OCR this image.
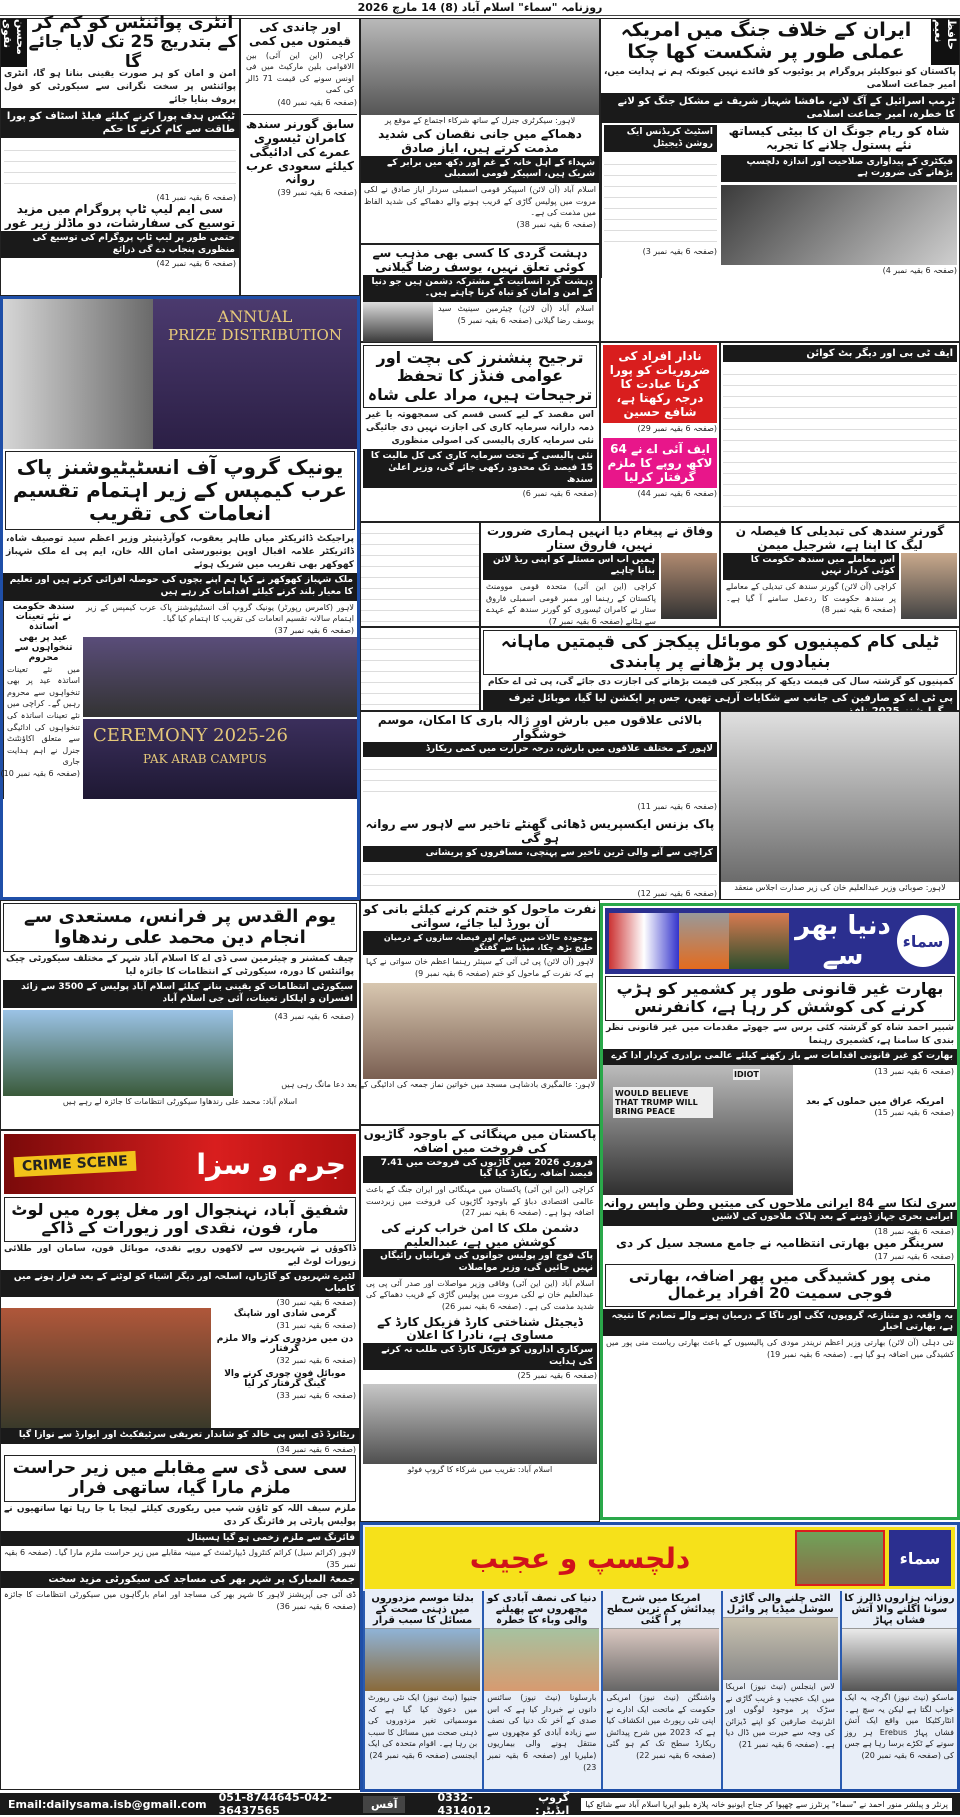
روزنامہ "سماء" اسلام آباد (8) 14 مارچ 2026
ایران کے خلاف جنگ میں امریکہ عملی طور پر شکست کھا چکا
حافظ نعیم
پاکستان کو نیوکلیئر پروگرام پر یوٹیوب کو فائدے نہیں کیونکہ ہم نے ہدایت میں، امیر جماعت اسلامی
ٹرمپ اسرائیل کے آگ لانے، مافشا شہباز شریف نے مشکل جنگ کو لانے کا خطرہ، امیر جماعت اسلامی
اسٹیٹ کریڈنس ایک روشن ڈیجیٹل
(صفحہ 6 بقیہ نمبر 3)
شاہ کو ریام جونگ ان کا بیٹی کیساتھ نئے پستول چلانے کا تجربہ
فیکٹری کے پیداواری صلاحیت اور اندازہ دلچسپ بڑھانے کی ضرورت ہے
(صفحہ 6 بقیہ نمبر 4)
محسن نقوی	انٹری پوائنٹس کو کم کر کے بتدریج 25 تک لایا جائے گا
امن و امان کو ہر صورت یقینی بنانا ہو گا، انٹری پوائنٹس پر سخت نگرانی سے سیکورٹی کو فول پروف بنایا جائے
ٹیکس ہدف پورا کرنے کیلئے فیلڈ اسٹاف کو پورا طاقت سے کام کرنے کا حکم
(صفحہ 6 بقیہ نمبر 41)
سی ایم لیپ ٹاپ پروگرام میں مزید توسیع کی سفارشات، دو ماڈلز زیر غور
حتمی طور پر لیپ ٹاپ پروگرام کی توسیع کی منظوری پنجاب دے گی ذرائع
(صفحہ 6 بقیہ نمبر 42)
اور چاندی کی قیمتوں میں کمی
کراچی (این این آئی) بین الاقوامی بلین مارکیٹ میں فی اونس سونے کی قیمت 71 ڈالر کی کمی
(صفحہ 6 بقیہ نمبر 40)
سابق گورنر سندھ کامران ٹیسوری عمرے کی ادائیگی کیلئے سعودی عرب روانہ
(صفحہ 6 بقیہ نمبر 39)
لاہور: سیکرٹری جنرل کے ساتھ شرکاء اجتماع کے موقع پر
دھماکے میں جانی نقصان کی شدید مذمت کرتے ہیں، ایاز صادق
شہداء کے اہل خانہ کے غم اور دکھ میں برابر کے شریک ہیں، اسپیکر قومی اسمبلی
اسلام آباد (آن لائن) اسپیکر قومی اسمبلی سردار ایاز صادق نے لکی مروت میں پولیس گاڑی کے قریب ہونے والے دھماکے کی شدید الفاظ میں مذمت کی ہے۔
(صفحہ 6 بقیہ نمبر 38)
دہشت گردی کا کسی بھی مذہب سے کوئی تعلق نہیں، یوسف رضا گیلانی
دہشت گرد انسانیت کے مشترکہ دشمن ہیں جو دنیا کے امن و امان کو تباہ کرنا چاہتے ہیں۔
اسلام آباد (آن لائن) چیئرمین سینیٹ سید یوسف رضا گیلانی (صفحہ 6 بقیہ نمبر 5)
ANNUAL
PRIZE DISTRIBUTION
یونیک گروپ آف انسٹیٹیوشنز پاک عرب کیمپس کے زیر اہتمام تقسیم انعامات کی تقریب
پراجیکٹ ڈائریکٹر میاں طاہر یعقوب، کوآرڈینیٹر وزیر اعظم سید توصیف شاہ، ڈائریکٹر علامہ اقبال اوپن یونیورسٹی امان اللہ خان، ایم پی اے ملک شہباز کھوکھر بھی تقریب میں شریک ہوئے
ملک شہباز کھوکھر نے کہا ہم اپنے بچوں کی حوصلہ افزائی کرتے ہیں اور تعلیم کا معیار بلند کرنے کیلئے اقدامات کر رہے ہیں
سندھ حکومت نے نئے تعینات اساتذہ
عید پر بھی تنخواہوں سے محروم
میں نئے تعینات اساتذہ عید پر بھی تنخواہوں سے محروم رہیں گے۔ کراچی میں نئے تعینات اساتذہ کی تنخواہوں کی ادائیگی سے متعلق اکاؤنٹنٹ جنرل نے اہم ہدایت جاری
(صفحہ 6 بقیہ نمبر 10)
لاہور (کامرس رپورٹر) یونیک گروپ آف انسٹیٹیوشنز پاک عرب کیمپس کے زیر اہتمام سالانہ تقسیم انعامات کی تقریب کا اہتمام کیا گیا۔
(صفحہ 6 بقیہ نمبر 37)
CEREMONY 2025-26
PAK ARAB CAMPUS
ترجیح پنشنرز کی بچت اور عوامی فنڈز کا تحفظ ترجیحات ہیں، مراد علی شاہ
اس مقصد کے لیے کسی قسم کی سمجھوتہ یا غیر ذمہ دارانہ سرمایہ کاری کی اجازت نہیں دی جائیگی نئی سرمایہ کاری پالیسی کی اصولی منظوری
نئی پالیسی کے تحت سرمایہ کاری کی کل مالیت کا 15 فیصد تک محدود رکھی جائے گی، وزیر اعلیٰ سندھ
(صفحہ 6 بقیہ نمبر 6)
نادار افراد کی ضروریات کو پورا کرنا عبادت کا درجہ رکھتا ہے، شافع حسین
(صفحہ 6 بقیہ نمبر 29)
ایف آئی اے نے 64 لاکھ روپے کا ملزم گرفتار کرلیا
(صفحہ 6 بقیہ نمبر 44)
ایف ٹی بی اور دیگر بٹ کوائن
گورنر سندھ کی تبدیلی کا فیصلہ ن لیگ کا اپنا ہے، شرجیل میمن
اس معاملے میں سندھ حکومت کا کوئی کردار نہیں
کراچی (آن لائن) گورنر سندھ کی تبدیلی کے معاملے پر سندھ حکومت کا ردعمل سامنے آ گیا ہے۔ (صفحہ 6 بقیہ نمبر 8)
وفاق نے پیغام دیا انہیں ہماری ضرورت نہیں، فاروق ستار
ہمیں اب اس مسئلے کو اپنی ریڈ لائن بنانا چاہیے
کراچی (این این آئی) متحدہ قومی موومنٹ پاکستان کے رہنما اور ممبر قومی اسمبلی فاروق ستار نے کامران ٹیسوری کو گورنر سندھ کے عہدے سے ہٹانے (صفحہ 6 بقیہ نمبر 7)
ٹیلی کام کمپنیوں کو موبائل پیکجز کی قیمتیں ماہانہ بنیادوں پر بڑھانے پر پابندی
کمپنیوں کو گزشتہ سال کی قیمت دیکھ کر پیکجز کی قیمت بڑھانے کی اجازت دی جائے گی، پی ٹی اے حکام
پی ٹی اے کو صارفین کی جانب سے شکایات آرہی تھیں، جس پر ایکشن لیا گیا، موبائل ٹیرف
بالائی علاقوں میں بارش اور ژالہ باری کا امکان، موسم خوشگوار
لاہور کے مختلف علاقوں میں بارش، درجہ حرارت میں کمی ریکارڈ
(صفحہ 6 بقیہ نمبر 11)
پاک بزنس ایکسپریس ڈھائی گھنٹے تاخیر سے لاہور سے روانہ ہو گی
کراچی سے آنے والی ٹرین تاخیر سے پہنچی، مسافروں کو پریشانی
(صفحہ 6 بقیہ نمبر 12)
لاہور: صوبائی وزیر عبدالعلیم خان کی زیر صدارت اجلاس منعقد
یوم القدس پر فرانس، مستعدی سے انجام دین محمد علی رندھاوا
چیف کمشنر و چیئرمین سی ڈی اے کا اسلام آباد شہر کے مختلف سیکورٹی چیک پوائنٹس کا دورہ، سیکورٹی کے انتظامات کا جائزہ لیا
سیکورٹی انتظامات کو یقینی بنانے کیلئے اسلام آباد پولیس کے 3500 سے زائد افسران و اہلکار تعینات، آئی جی اسلام آباد
(صفحہ 6 بقیہ نمبر 43)
اسلام آباد: محمد علی رندھاوا سیکورٹی انتظامات کا جائزہ لے رہے ہیں
نفرت ماحول کو ختم کرنے کیلئے بانی کو آن بورڈ لیا جائے، سواتی
موجودہ حالات میں عوام اور فیصلہ سازوں کے درمیان خلیج بڑھ چکا، میڈیا سے گفتگو
لاہور (آن لائن) پی ٹی آئی کے سینئر رہنما اعظم خان سواتی نے کہا ہے کہ نفرت کے ماحول کو ختم (صفحہ 6 بقیہ نمبر 9)
لاہور: عالمگیری بادشاہی مسجد میں خواتین نماز جمعہ کی ادائیگی کے بعد دعا مانگ رہی ہیں
پاکستان میں مہنگائی کے باوجود گاڑیوں کی فروخت میں اضافہ
فروری 2026 میں گاڑیوں کی فروخت میں 7.41 فیصد اضافہ ریکارڈ کیا گیا
کراچی (این این آئی) پاکستان میں مہنگائی اور ایران جنگ کے باعث عالمی اقتصادی دباؤ کے باوجود گاڑیوں کی فروخت میں زبردست اضافہ ہوا ہے۔ (صفحہ 6 بقیہ نمبر 27)
دشمن ملک کا امن خراب کرنے کی کوشش میں ہے، عبدالعلیم
پاک فوج اور پولیس جوانوں کی قربانیاں رائیگاں نہیں جائیں گی، وزیر مواصلات
اسلام آباد (این این آئی) وفاقی وزیر مواصلات اور صدر آئی پی پی عبدالعلیم خان نے لکی مروت میں پولیس گاڑی کے قریب دھماکے کی شدید مذمت کی ہے۔ (صفحہ 6 بقیہ نمبر 26)
ڈیجیٹل شناختی کارڈ فزیکل کارڈ کے مساوی ہے، نادرا کا اعلان
سرکاری اداروں کو فزیکل کارڈ کی طلب نہ کرنے کی ہدایت
(صفحہ 6 بقیہ نمبر 25)
اسلام آباد: تقریب میں شرکاء کا گروپ فوٹو
دنیا بھر سے	سماء
بھارت غیر قانونی طور پر کشمیر کو ہڑپ کرنے کی کوشش کر رہا ہے، کانفرنس
شبیر احمد شاہ کو گزشتہ کئی برس سے جھوٹے مقدمات میں غیر قانونی نظر بندی کا سامنا ہے، کشمیری رہنما
بھارت کو غیر قانونی اقدامات سے باز رکھنے کیلئے عالمی برادری کردار ادا کرے
WOULD BELIEVE THAT TRUMP WILL BRING PEACE
IDIOT	(صفحہ 6 بقیہ نمبر 13)
امریکہ عراق میں حملوں کے بعد
(صفحہ 6 بقیہ نمبر 15)
سری لنکا سے 84 ایرانی ملاحوں کی میتیں وطن واپس روانہ
ایرانی بحری جہاز ڈوبنے کے بعد ہلاک ملاحوں کی لاشیں
(صفحہ 6 بقیہ نمبر 18)
سرینگر میں بھارتی انتظامیہ نے جامع مسجد سیل کر دی
(صفحہ 6 بقیہ نمبر 17)
منی پور کشیدگی میں پھر اضافہ، بھارتی فوجی سمیت 20 افراد یرغمال
یہ واقعہ دو متنازعہ گروپوں، کگی اور ناگا کے درمیان ہونے والے تصادم کا نتیجہ ہے، بھارتی اخبار
نئی دہلی (آن لائن) بھارتی وزیر اعظم نریندر مودی کی پالیسیوں کے باعث بھارتی ریاست منی پور میں کشیدگی میں اضافہ ہو گیا ہے۔ (صفحہ 6 بقیہ نمبر 19)
CRIME SCENE جرم و سزا
شفیق آباد، نہنجوال اور مغل پورہ میں لوٹ مار، فون، نقدی اور زیورات کے ڈاکے
ڈاکوؤں نے شہریوں سے لاکھوں روپے نقدی، موبائل فون، سامان اور طلائی زیورات لوٹ لیے
لٹیرے شہریوں کو گاڑیاں، اسلحہ اور دیگر اشیاء کو لوٹنے کے بعد فرار ہونے میں کامیاب
(صفحہ 6 بقیہ نمبر 30)
گرمی شادی اور شاپنگ
(صفحہ 6 بقیہ نمبر 31)
دن میں مزدوری کرنے والا ملزم گرفتار
(صفحہ 6 بقیہ نمبر 32)
موبائل فون چوری کرنے والا گینگ گرفتار کر لیا
(صفحہ 6 بقیہ نمبر 33)
ریٹائرڈ ڈی ایس پی خالد کو شاندار تعریفی سرٹیفکیٹ اور ایوارڈ سے نوازا گیا
(صفحہ 6 بقیہ نمبر 34)
سی سی ڈی سے مقابلے میں زیر حراست ملزم مارا گیا، ساتھی فرار
ملزم سیف اللہ کو ٹاؤن شپ میں ریکوری کیلئے لیجا یا جا رہا تھا ساتھیوں نے پولیس پارٹی پر فائرنگ کر دی
فائرنگ سے ملزم زخمی ہو گیا ہسپتال
لاہور (کرائم سیل) کرائم کنٹرول ڈیپارٹمنٹ کے مبینہ مقابلے میں زیر حراست ملزم مارا گیا۔ (صفحہ 6 بقیہ نمبر 35)
جمعۃ المبارک پر شہر بھر کی مساجد کی سیکورٹی مزید سخت
ڈی آئی جی آپریشنز لاہور کا شہر بھر کی مساجد اور امام بارگاہوں میں سیکورٹی انتظامات کا جائزہ (صفحہ 6 بقیہ نمبر 36)
دلچسپ و عجیب	سماء
روزانہ ہزاروں ڈالرز کا سونا اگلنے والا آتش فشاں پہاڑ
ماسکو (نیٹ نیوز) اگرچہ یہ ایک خواب لگتا ہے لیکن یہ سچ ہے۔ انٹارکٹیکا میں واقع ایک آتش فشاں پہاڑ Erebus ہر روز سونے کے ٹکڑے برسا رہا ہے جس کی (صفحہ 6 بقیہ نمبر 20)
الٹی چلنے والی گاڑی سوشل میڈیا پر وائرل
لاس اینجلس (نیٹ نیوز) امریکا میں ایک عجیب و غریب گاڑی نے سڑک پر موجود لوگوں اور انٹرنیٹ صارفین کو اپنے ڈیزائن کی وجہ سے حیرت میں ڈال دیا ہے۔ (صفحہ 6 بقیہ نمبر 21)
امریکا میں شرح پیدائش کم ترین سطح پر آ گئی
واشنگٹن (نیٹ نیوز) امریکی حکومت کے ماتحت ایک ادارے نے اپنی نئی رپورٹ میں انکشاف کیا ہے کہ 2023 میں شرح پیدائش ریکارڈ سطح تک کم ہو گئی (صفحہ 6 بقیہ نمبر 22)
دنیا کی نصف آبادی کو مچھروں سے پھیلنے والی وباء کا خطرہ
بارسلونا (نیٹ نیوز) سائنس دانوں نے خبردار کیا ہے کہ اس صدی کے آخر تک دنیا کی نصف سے زیادہ آبادی کو مچھروں سے منتقل ہونے والی بیماریوں (ملیریا اور (صفحہ 6 بقیہ نمبر 23)
بدلتا موسم مزدوروں میں ذہنی صحت کے مسائل کا سبب قرار
جنیوا (نیٹ نیوز) ایک نئی رپورٹ میں دعویٰ کیا گیا ہے کہ موسمیاتی تغیر مزدوروں کی ذہنی صحت میں مسائل کا سبب بن رہا ہے۔ اقوام متحدہ کی ایک ایجنسی (صفحہ 6 بقیہ نمبر 24)
Email:dailysama.isb@gmail.com 051-8744645-042-36437565	آفس	0332-4314012
گروپ ایڈیٹر:	پرنٹر و پبلشر منور احمد نے "سماء" پرنٹرز سے چھپوا کر جناح ایونیو خانہ پلازہ بلیو ایریا اسلام آباد سے شائع کیا
